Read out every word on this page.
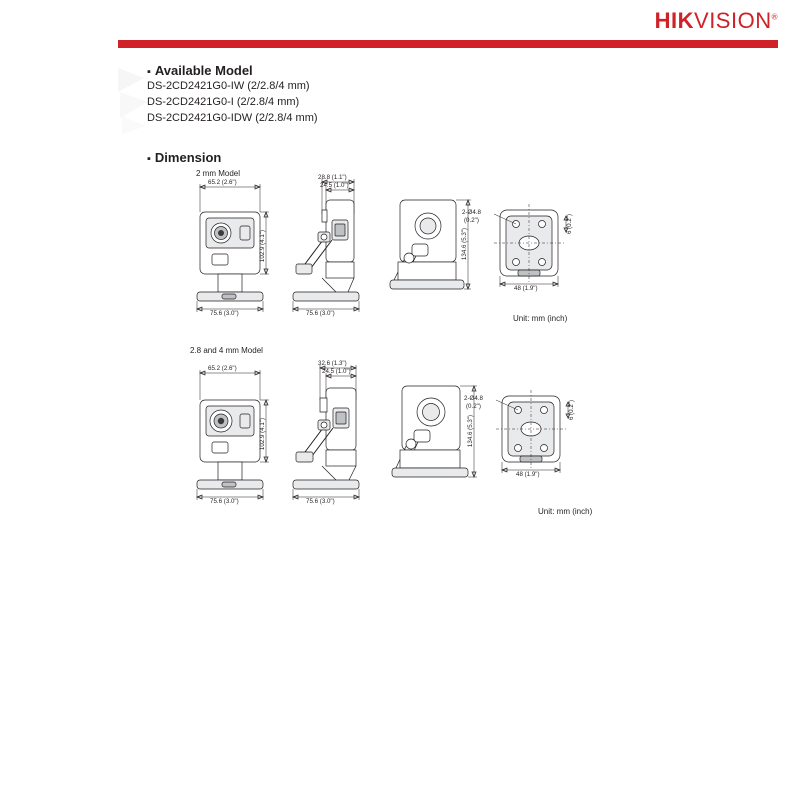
HIKVISION®
▪ Available Model
DS-2CD2421G0-IW (2/2.8/4 mm)
DS-2CD2421G0-I (2/2.8/4 mm)
DS-2CD2421G0-IDW (2/2.8/4 mm)
▪ Dimension
2 mm Model
Unit: mm (inch)
65.2 (2.6")
102.9 (4.1")
75.6 (3.0")
28.8 (1.1")
24.5 (1.0")
75.6 (3.0")
134.6 (5.3")
2-Ø4.8
(0.2")	6 (0.2")
48 (1.9")
2.8 and 4 mm Model
Unit: mm (inch)
65.2 (2.6")
102.9 (4.1")
75.6 (3.0")
32.6 (1.3")
24.5 (1.0")
75.6 (3.0")
134.6 (5.3")
2-Ø4.8
(0.2")	6 (0.2")
48 (1.9")
